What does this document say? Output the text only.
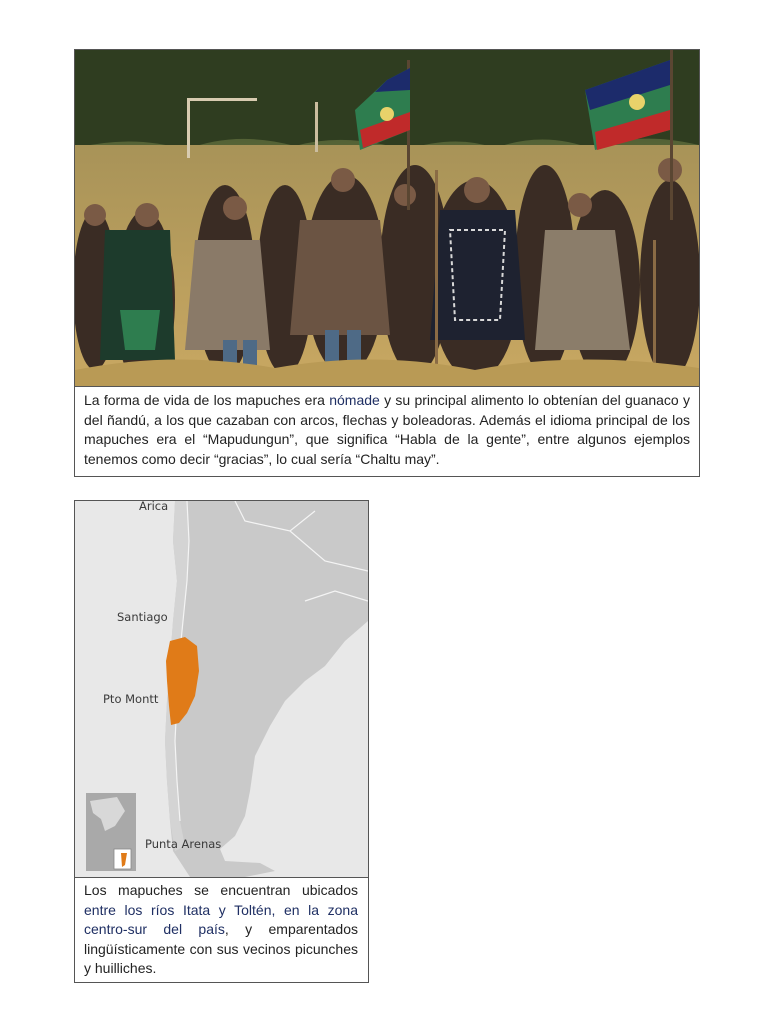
La forma de vida de los mapuches era nómade y su principal alimento lo obtenían del guanaco y del ñandú, a los que cazaban con arcos, flechas y boleadoras. Además el idioma principal de los mapuches era el “Mapudungun”, que significa “Habla de la gente”, entre algunos ejemplos tenemos como decir “gracias”, lo cual sería “Chaltu may”.
Arica
Santiago
Pto Montt
Punta Arenas
Los mapuches se encuentran ubicados entre los ríos Itata y Toltén, en la zona centro-sur del país, y emparentados lingüísticamente con sus vecinos picunches y huilliches.
